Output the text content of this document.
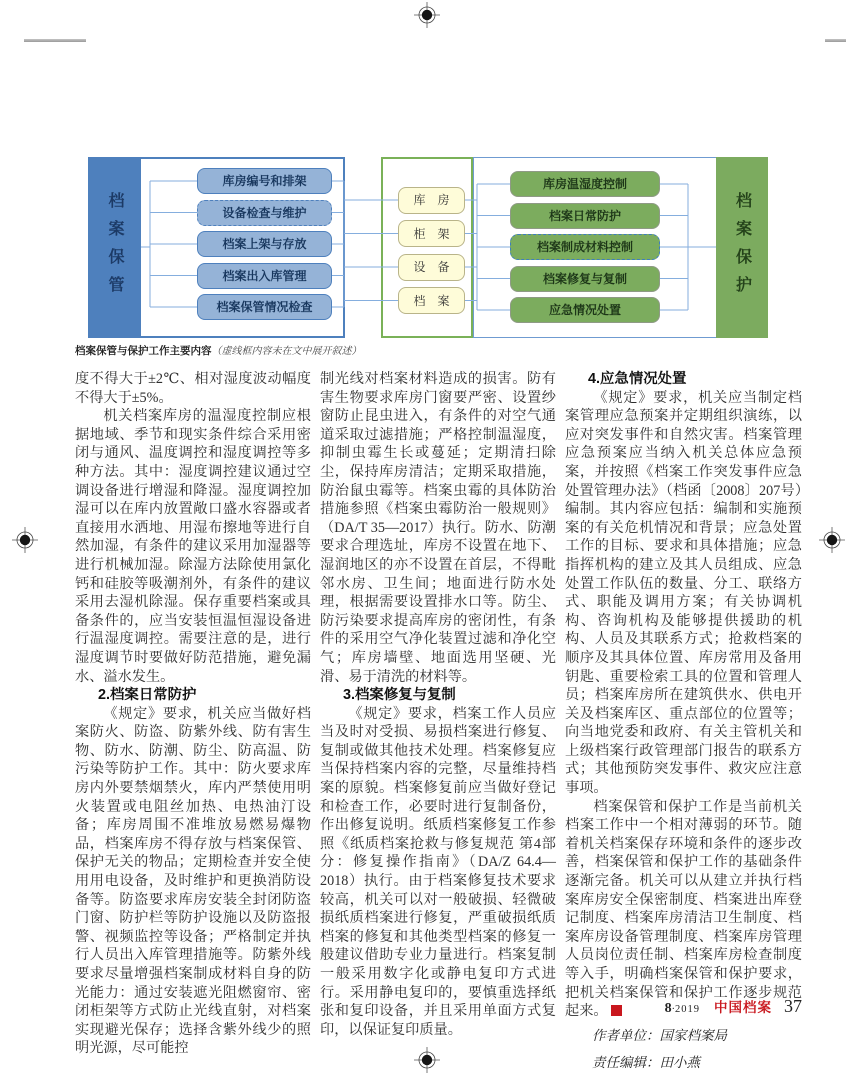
档案保管	档案保护
库房编号和排架
设备检查与维护
档案上架与存放
档案出入库管理
档案保管情况检查
库　房
柜　架
设　备
档　案
库房温湿度控制
档案日常防护
档案制成材料控制
档案修复与复制
应急情况处置
档案保管与保护工作主要内容（虚线框内容未在文中展开叙述）

度不得大于±2℃、相对湿度波动幅度不得大于±5%。

机关档案库房的温湿度控制应根据地域、季节和现实条件综合采用密闭与通风、温度调控和湿度调控等多种方法。其中：湿度调控建议通过空调设备进行增湿和降湿。湿度调控加湿可以在库内放置敞口盛水容器或者直接用水洒地、用湿布擦地等进行自然加湿，有条件的建议采用加湿器等进行机械加湿。除湿方法除使用氯化钙和硅胶等吸潮剂外，有条件的建议采用去湿机除湿。保存重要档案或具备条件的，应当安装恒温恒湿设备进行温湿度调控。需要注意的是，进行湿度调节时要做好防范措施，避免漏水、溢水发生。

2.档案日常防护

《规定》要求，机关应当做好档案防火、防盗、防紫外线、防有害生物、防水、防潮、防尘、防高温、防污染等防护工作。其中：防火要求库房内外要禁烟禁火，库内严禁使用明火装置或电阻丝加热、电热油汀设备；库房周围不准堆放易燃易爆物品，档案库房不得存放与档案保管、保护无关的物品；定期检查并安全使用用电设备，及时维护和更换消防设备等。防盗要求库房安装全封闭防盗门窗、防护栏等防护设施以及防盗报警、视频监控等设备；严格制定并执行人员出入库管理措施等。防紫外线要求尽量增强档案制成材料自身的防光能力：通过安装遮光阻燃窗帘、密闭柜架等方式防止光线直射，对档案实现避光保存；选择含紫外线少的照明光源，尽可能控

制光线对档案材料造成的损害。防有害生物要求库房门窗要严密、设置纱窗防止昆虫进入，有条件的对空气通道采取过滤措施；严格控制温湿度，抑制虫霉生长或蔓延；定期清扫除尘，保持库房清洁；定期采取措施，防治鼠虫霉等。档案虫霉的具体防治措施参照《档案虫霉防治一般规则》（DA/T 35—2017）执行。防水、防潮要求合理选址，库房不设置在地下、湿润地区的亦不设置在首层，不得毗邻水房、卫生间；地面进行防水处理，根据需要设置排水口等。防尘、防污染要求提高库房的密闭性，有条件的采用空气净化装置过滤和净化空气；库房墙壁、地面选用坚硬、光滑、易于清洗的材料等。

3.档案修复与复制

《规定》要求，档案工作人员应当及时对受损、易损档案进行修复、复制或做其他技术处理。档案修复应当保持档案内容的完整，尽量维持档案的原貌。档案修复前应当做好登记和检查工作，必要时进行复制备份，作出修复说明。纸质档案修复工作参照《纸质档案抢救与修复规范 第4部分：修复操作指南》（DA/Z 64.4—2018）执行。由于档案修复技术要求较高，机关可以对一般破损、轻微破损纸质档案进行修复，严重破损纸质档案的修复和其他类型档案的修复一般建议借助专业力量进行。档案复制一般采用数字化或静电复印方式进行。采用静电复印的，要慎重选择纸张和复印设备，并且采用单面方式复印，以保证复印质量。

4.应急情况处置

《规定》要求，机关应当制定档案管理应急预案并定期组织演练，以应对突发事件和自然灾害。档案管理应急预案应当纳入机关总体应急预案，并按照《档案工作突发事件应急处置管理办法》（档函〔2008〕207号）编制。其内容应包括：编制和实施预案的有关危机情况和背景；应急处置工作的目标、要求和具体措施；应急指挥机构的建立及其人员组成、应急处置工作队伍的数量、分工、联络方式、职能及调用方案；有关协调机构、咨询机构及能够提供援助的机构、人员及其联系方式；抢救档案的顺序及其具体位置、库房常用及备用钥匙、重要检索工具的位置和管理人员；档案库房所在建筑供水、供电开关及档案库区、重点部位的位置等；向当地党委和政府、有关主管机关和上级档案行政管理部门报告的联系方式；其他预防突发事件、救灾应注意事项。

档案保管和保护工作是当前机关档案工作中一个相对薄弱的环节。随着机关档案保存环境和条件的逐步改善，档案保管和保护工作的基础条件逐渐完备。机关可以从建立并执行档案库房安全保密制度、档案进出库登记制度、档案库房清洁卫生制度、档案库房设备管理制度、档案库房管理人员岗位责任制、档案库房检查制度等入手，明确档案保管和保护要求，把机关档案保管和保护工作逐步规范起来。

作者单位：国家档案局

责任编辑：田小燕

8·2019 中国档案 37
